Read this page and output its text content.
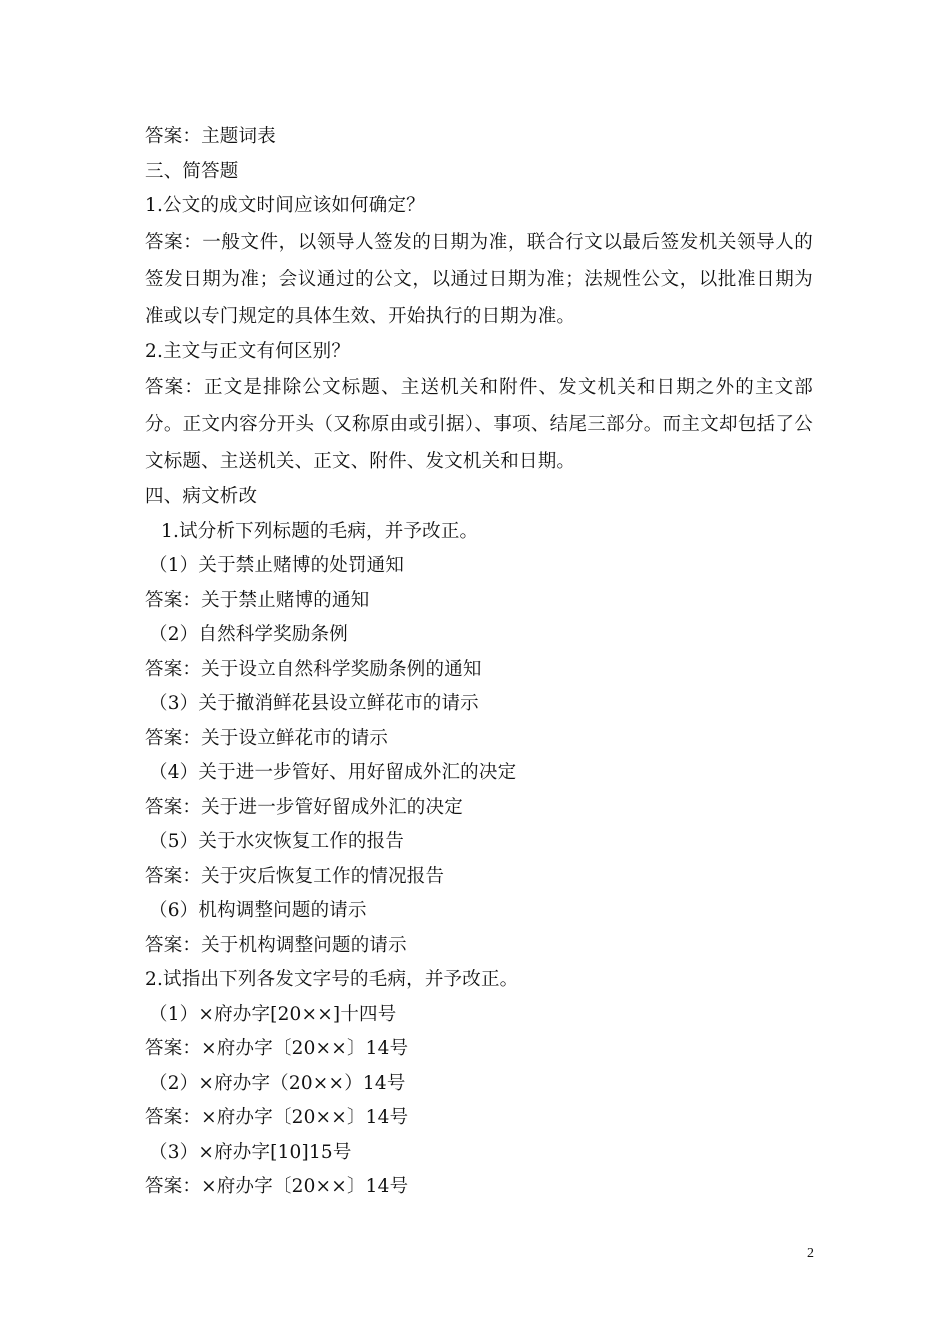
答案：主题词表
三、简答题
1.公文的成文时间应该如何确定？
答案：一般文件，以领导人签发的日期为准，联合行文以最后签发机关领导人的签发日期为准；会议通过的公文，以通过日期为准；法规性公文，以批准日期为准或以专门规定的具体生效、开始执行的日期为准。
2.主文与正文有何区别？
答案：正文是排除公文标题、主送机关和附件、发文机关和日期之外的主文部分。正文内容分开头（又称原由或引据）、事项、结尾三部分。而主文却包括了公文标题、主送机关、正文、附件、发文机关和日期。
四、病文析改
1.试分析下列标题的毛病，并予改正。
（1）关于禁止赌博的处罚通知
答案：关于禁止赌博的通知
（2）自然科学奖励条例
答案：关于设立自然科学奖励条例的通知
（3）关于撤消鲜花县设立鲜花市的请示
答案：关于设立鲜花市的请示
（4）关于进一步管好、用好留成外汇的决定
答案：关于进一步管好留成外汇的决定
（5）关于水灾恢复工作的报告
答案：关于灾后恢复工作的情况报告
（6）机构调整问题的请示
答案：关于机构调整问题的请示
2.试指出下列各发文字号的毛病，并予改正。
（1）×府办字[20××]十四号
答案：×府办字〔20××〕14号
（2）×府办字（20××）14号
答案：×府办字〔20××〕14号
（3）×府办字[10]15号
答案：×府办字〔20××〕14号
2
